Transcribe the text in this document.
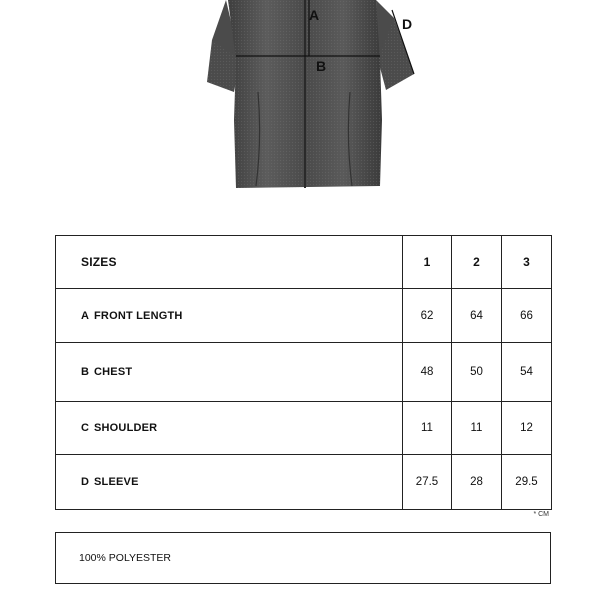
A
B
D
SIZES	1	2	3
A FRONT LENGTH	62	64	66
B CHEST	48	50	54
C SHOULDER	11	11	12
D SLEEVE	27.5	28	29.5
* CM
100% POLYESTER
